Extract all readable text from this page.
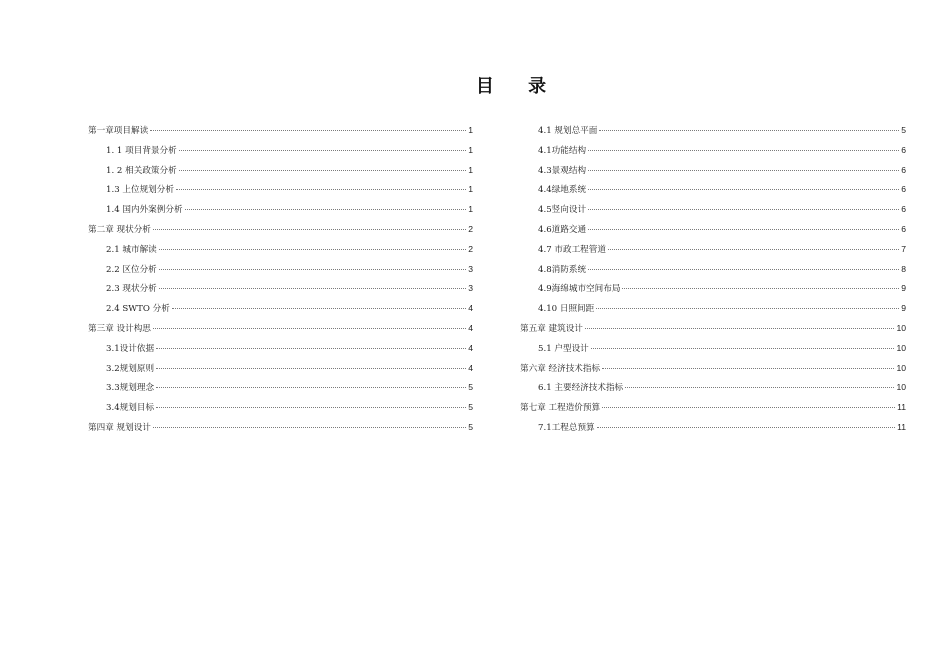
目 录
第一章项目解读	1
1. 1 项目背景分析	1
1. 2 相关政策分析	1
1.3 上位规划分析	1
1.4 国内外案例分析	1
第二章 现状分析	2
2.1 城市解读	2
2.2 区位分析	3
2.3 现状分析	3
2.4 SWTO 分析	4
第三章 设计构思	4
3.1设计依据	4
3.2规划原则	4
3.3规划理念	5
3.4规划目标	5
第四章 规划设计	5
4.1 规划总平面	5
4.1功能结构	6
4.3景观结构	6
4.4绿地系统	6
4.5竖向设计	6
4.6道路交通	6
4.7 市政工程管道	7
4.8消防系统	8
4.9海绵城市空间布局	9
4.10 日照间距	9
第五章 建筑设计	10
5.1 户型设计	10
第六章 经济技术指标	10
6.1 主要经济技术指标	10
第七章 工程造价预算	11
7.1工程总预算	11
